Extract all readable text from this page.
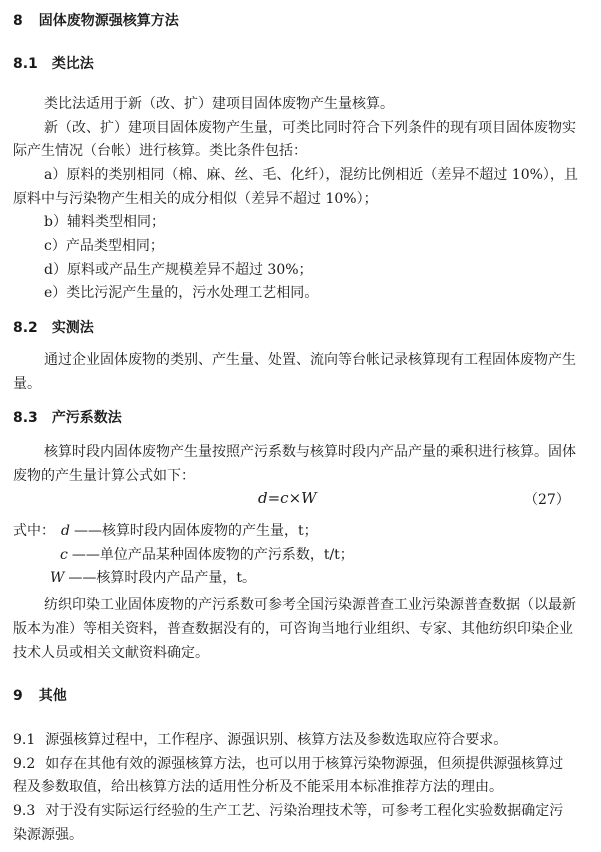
8 固体废物源强核算方法
8.1 类比法
类比法适用于新（改、扩）建项目固体废物产生量核算。
新（改、扩）建项目固体废物产生量，可类比同时符合下列条件的现有项目固体废物实
际产生情况（台帐）进行核算。类比条件包括：
a）原料的类别相同（棉、麻、丝、毛、化纤），混纺比例相近（差异不超过 10%），且
原料中与污染物产生相关的成分相似（差异不超过 10%）；
b）辅料类型相同；
c）产品类型相同；
d）原料或产品生产规模差异不超过 30%；
e）类比污泥产生量的，污水处理工艺相同。
8.2 实测法
通过企业固体废物的类别、产生量、处置、流向等台帐记录核算现有工程固体废物产生
量。
8.3 产污系数法
核算时段内固体废物产生量按照产污系数与核算时段内产品产量的乘积进行核算。固体
废物的产生量计算公式如下：
d=c×W	（27）
式中： d ——核算时段内固体废物的产生量，t；
c ——单位产品某种固体废物的产污系数，t/t；
W ——核算时段内产品产量，t。
纺织印染工业固体废物的产污系数可参考全国污染源普查工业污染源普查数据（以最新
版本为准）等相关资料，普查数据没有的，可咨询当地行业组织、专家、其他纺织印染企业
技术人员或相关文献资料确定。
9 其他
9.1 源强核算过程中，工作程序、源强识别、核算方法及参数选取应符合要求。
9.2 如存在其他有效的源强核算方法，也可以用于核算污染物源强，但须提供源强核算过
程及参数取值，给出核算方法的适用性分析及不能采用本标准推荐方法的理由。
9.3 对于没有实际运行经验的生产工艺、污染治理技术等，可参考工程化实验数据确定污
染源源强。
